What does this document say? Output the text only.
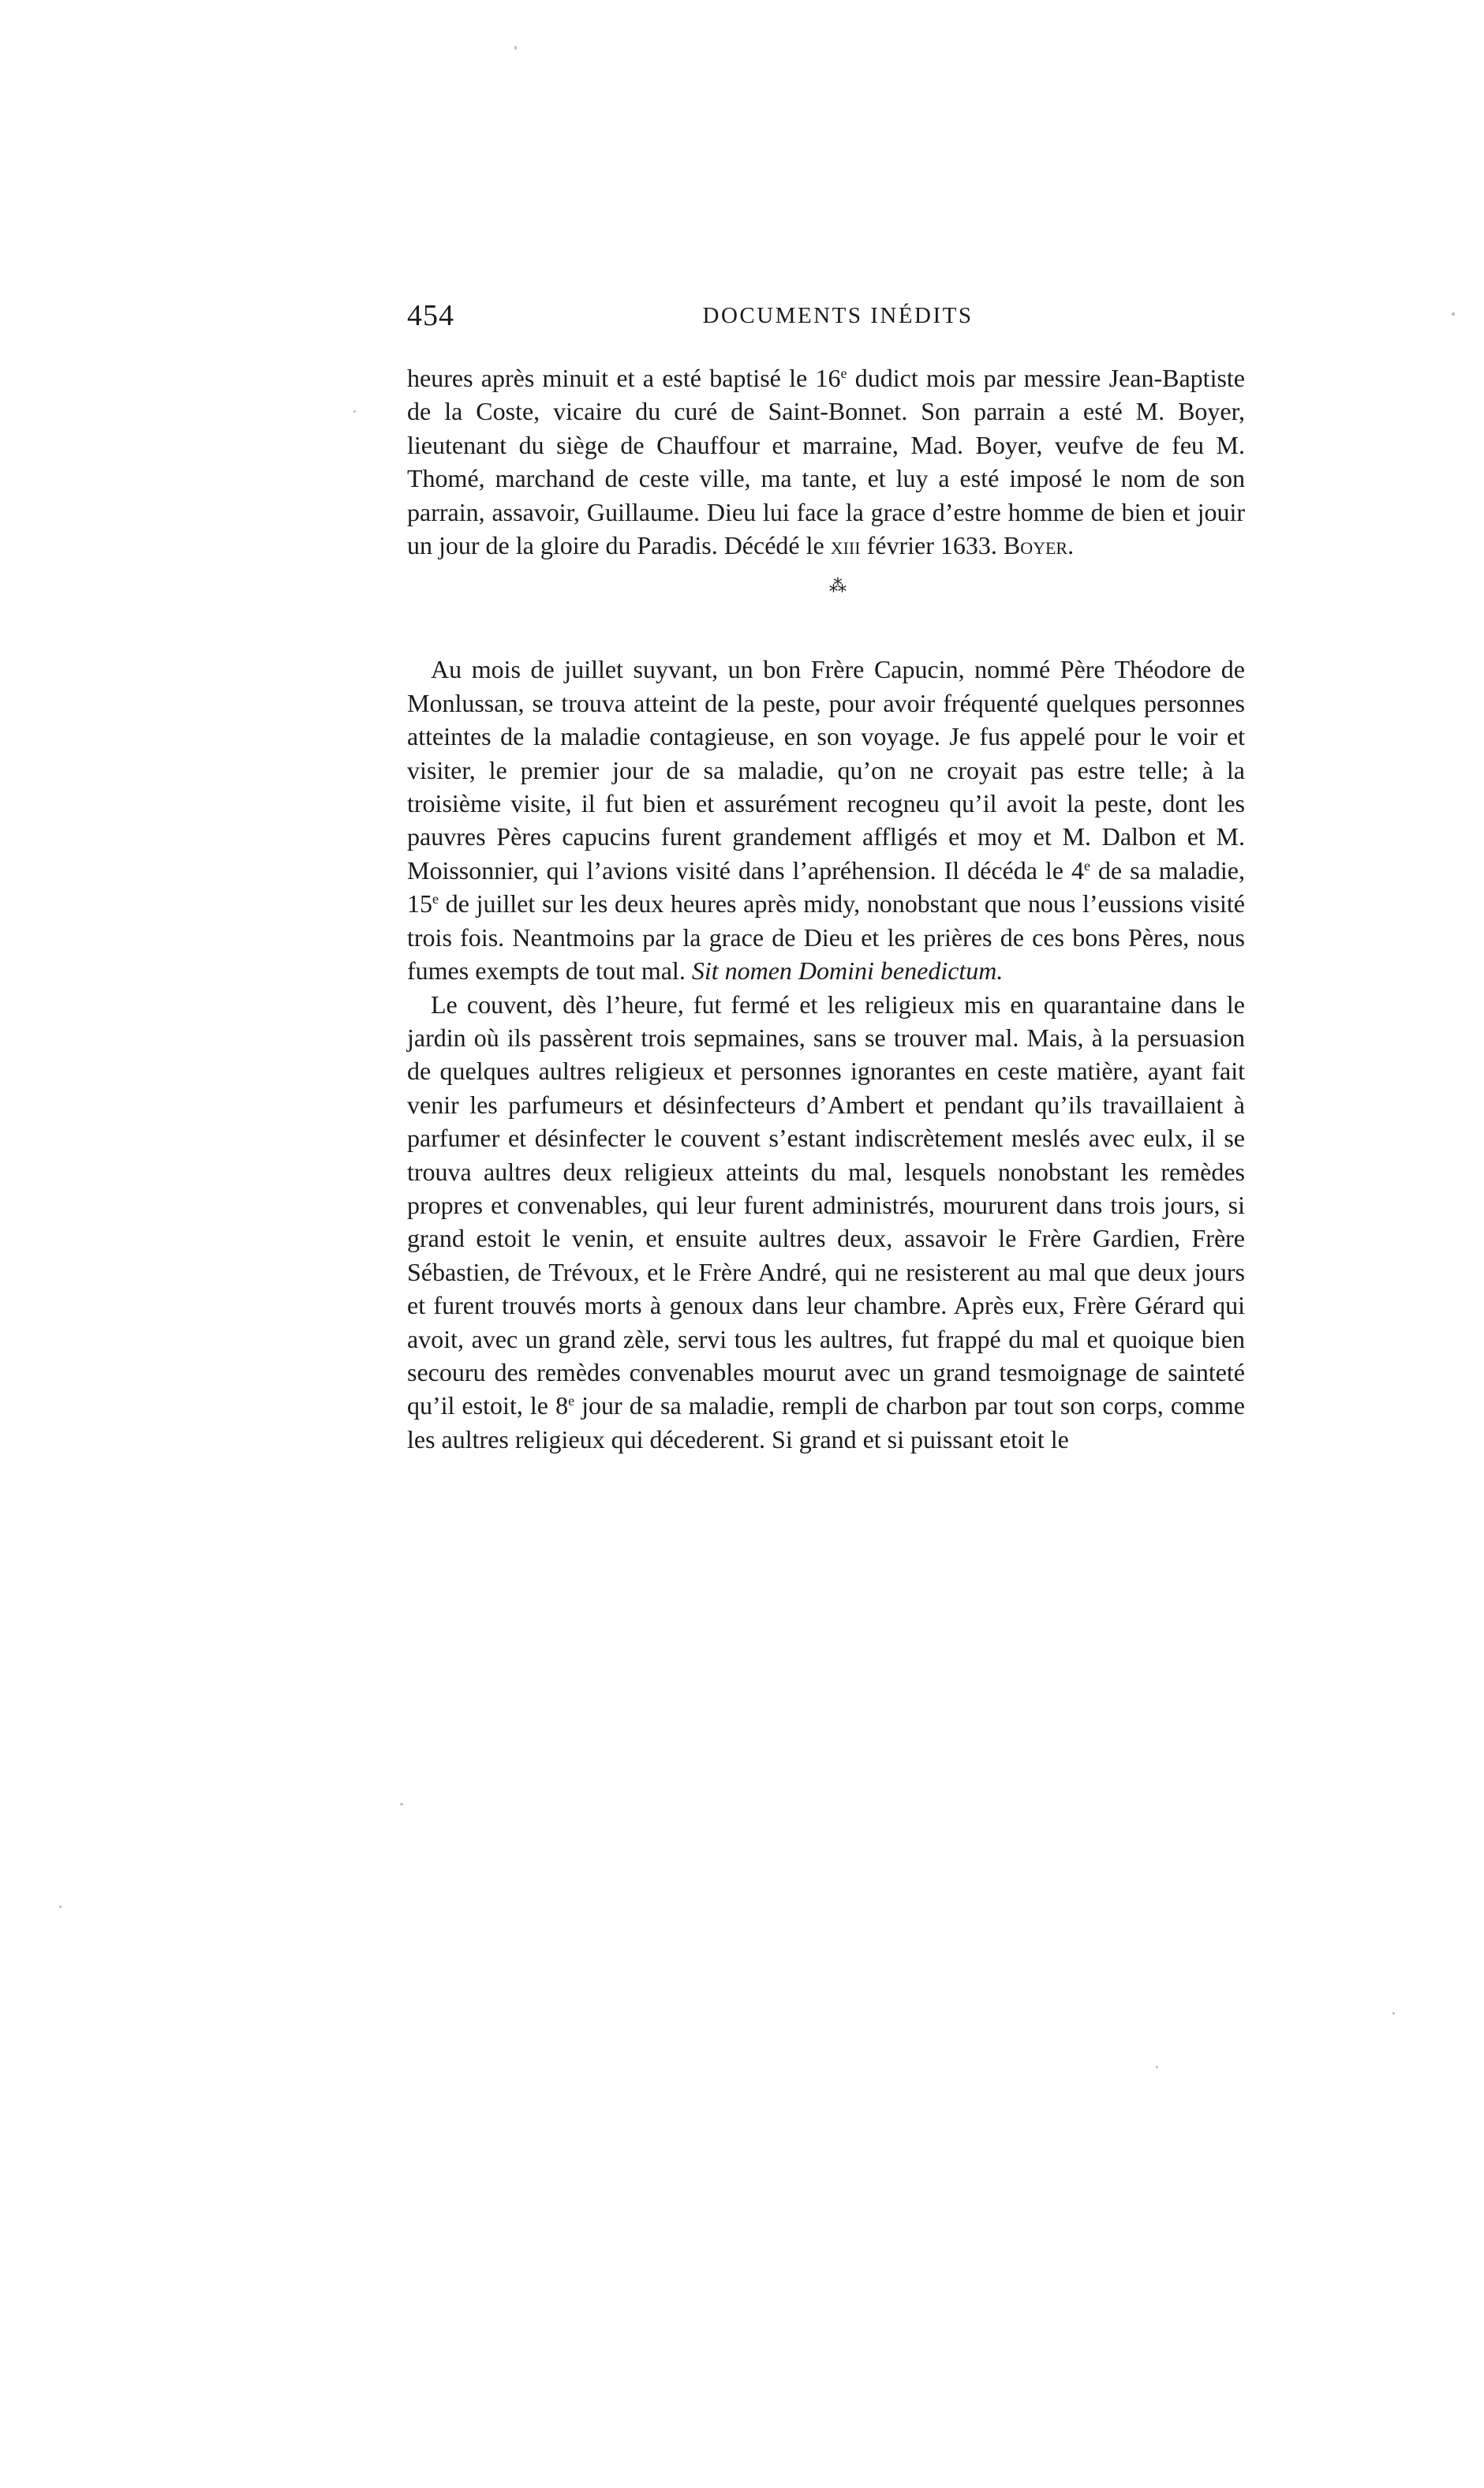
454	DOCUMENTS INÉDITS

heures après minuit et a esté baptisé le 16e dudict mois par messire Jean-Baptiste de la Coste, vicaire du curé de Saint-Bonnet. Son parrain a esté M. Boyer, lieutenant du siège de Chauffour et marraine, Mad. Boyer, veufve de feu M. Thomé, marchand de ceste ville, ma tante, et luy a esté imposé le nom de son parrain, assavoir, Guillaume. Dieu lui face la grace d’estre homme de bien et jouir un jour de la gloire du Paradis. Décédé le xiii février 1633. Boyer.

⁂

Au mois de juillet suyvant, un bon Frère Capucin, nommé Père Théodore de Monlussan, se trouva atteint de la peste, pour avoir fréquenté quelques personnes atteintes de la maladie contagieuse, en son voyage. Je fus appelé pour le voir et visiter, le premier jour de sa maladie, qu’on ne croyait pas estre telle; à la troisième visite, il fut bien et assurément recogneu qu’il avoit la peste, dont les pauvres Pères capucins furent grandement affligés et moy et M. Dalbon et M. Moissonnier, qui l’avions visité dans l’apréhension. Il décéda le 4e de sa maladie, 15e de juillet sur les deux heures après midy, nonobstant que nous l’eussions visité trois fois. Neantmoins par la grace de Dieu et les prières de ces bons Pères, nous fumes exempts de tout mal. Sit nomen Domini benedictum.

Le couvent, dès l’heure, fut fermé et les religieux mis en quarantaine dans le jardin où ils passèrent trois sepmaines, sans se trouver mal. Mais, à la persuasion de quelques aultres religieux et personnes ignorantes en ceste matière, ayant fait venir les parfumeurs et désinfecteurs d’Ambert et pendant qu’ils travaillaient à parfumer et désinfecter le couvent s’estant indiscrètement meslés avec eulx, il se trouva aultres deux religieux atteints du mal, lesquels nonobstant les remèdes propres et convenables, qui leur furent administrés, moururent dans trois jours, si grand estoit le venin, et ensuite aultres deux, assavoir le Frère Gardien, Frère Sébastien, de Trévoux, et le Frère André, qui ne resisterent au mal que deux jours et furent trouvés morts à genoux dans leur chambre. Après eux, Frère Gérard qui avoit, avec un grand zèle, servi tous les aultres, fut frappé du mal et quoique bien secouru des remèdes convenables mourut avec un grand tesmoignage de sainteté qu’il estoit, le 8e jour de sa maladie, rempli de charbon par tout son corps, comme les aultres religieux qui décederent. Si grand et si puissant etoit le
